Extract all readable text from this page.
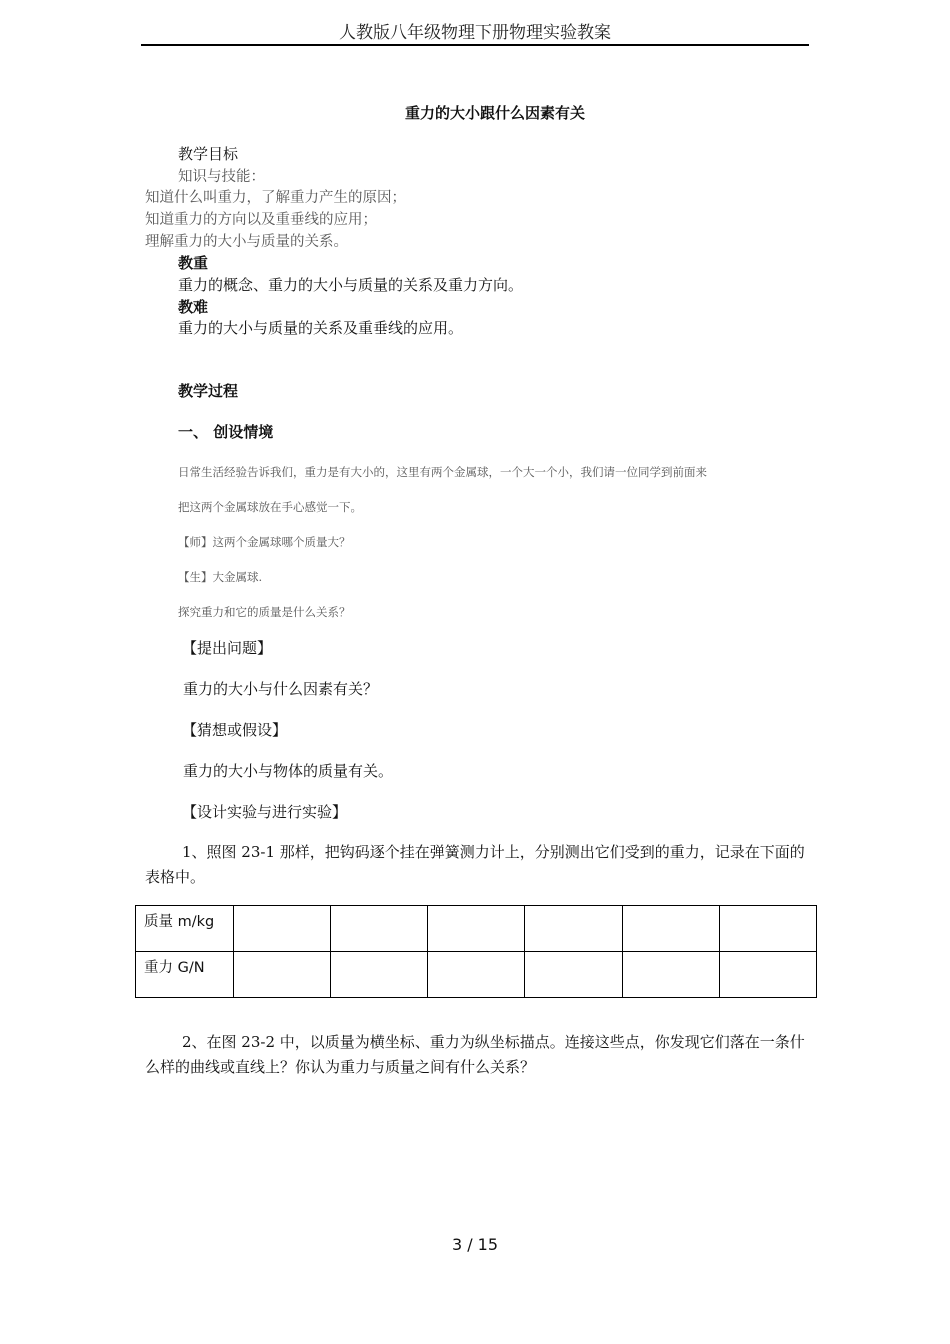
人教版八年级物理下册物理实验教案
重力的大小跟什么因素有关
教学目标
知识与技能：
知道什么叫重力，了解重力产生的原因；
知道重力的方向以及重垂线的应用；
理解重力的大小与质量的关系。
教重
重力的概念、重力的大小与质量的关系及重力方向。
教难
重力的大小与质量的关系及重垂线的应用。
教学过程
一、 创设情境
日常生活经验告诉我们，重力是有大小的，这里有两个金属球，一个大一个小，我们请一位同学到前面来
把这两个金属球放在手心感觉一下。
【师】这两个金属球哪个质量大？
【生】大金属球.
探究重力和它的质量是什么关系？
【提出问题】
重力的大小与什么因素有关？
【猜想或假设】
重力的大小与物体的质量有关。
【设计实验与进行实验】
1、照图 23-1 那样，把钩码逐个挂在弹簧测力计上，分别测出它们受到的重力，记录在下面的表格中。
质量 m/kg						
重力 G/N						
2、在图 23-2 中，以质量为横坐标、重力为纵坐标描点。连接这些点，你发现它们落在一条什么样的曲线或直线上？你认为重力与质量之间有什么关系？
3 / 15
